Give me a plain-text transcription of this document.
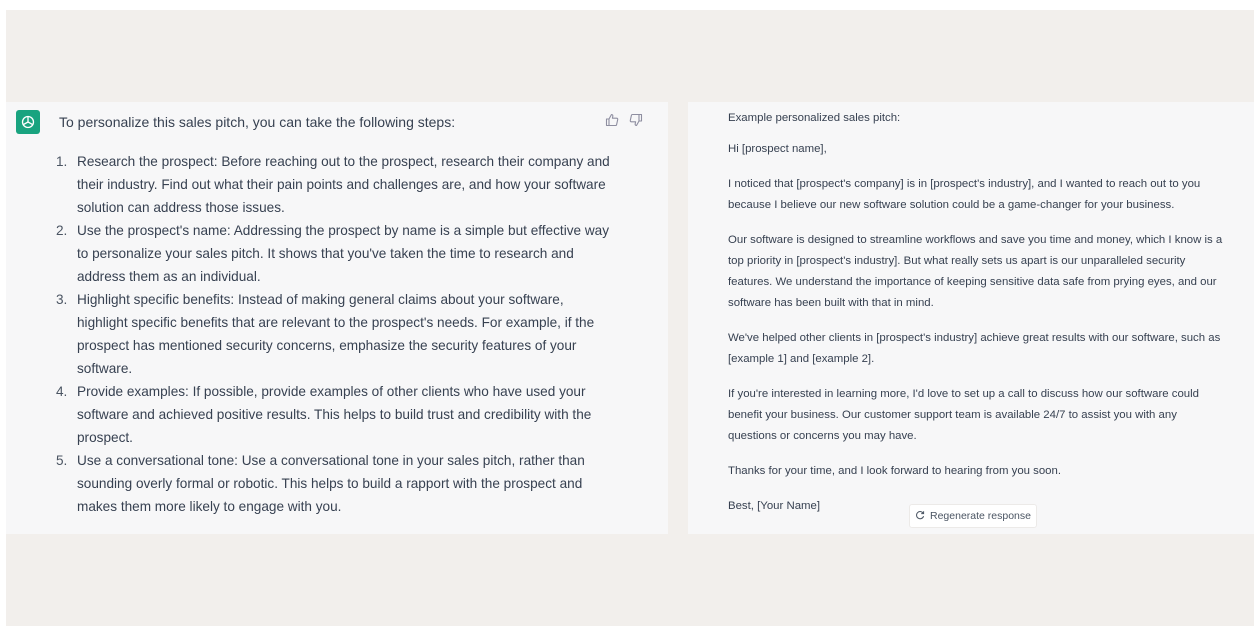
To personalize this sales pitch, you can take the following steps:
1. Research the prospect: Before reaching out to the prospect, research their company and their industry. Find out what their pain points and challenges are, and how your software solution can address those issues.
2. Use the prospect's name: Addressing the prospect by name is a simple but effective way to personalize your sales pitch. It shows that you've taken the time to research and address them as an individual.
3. Highlight specific benefits: Instead of making general claims about your software, highlight specific benefits that are relevant to the prospect's needs. For example, if the prospect has mentioned security concerns, emphasize the security features of your software.
4. Provide examples: If possible, provide examples of other clients who have used your software and achieved positive results. This helps to build trust and credibility with the prospect.
5. Use a conversational tone: Use a conversational tone in your sales pitch, rather than sounding overly formal or robotic. This helps to build a rapport with the prospect and makes them more likely to engage with you.

Example personalized sales pitch:

Hi [prospect name],

I noticed that [prospect's company] is in [prospect's industry], and I wanted to reach out to you because I believe our new software solution could be a game-changer for your business.

Our software is designed to streamline workflows and save you time and money, which I know is a top priority in [prospect's industry]. But what really sets us apart is our unparalleled security features. We understand the importance of keeping sensitive data safe from prying eyes, and our software has been built with that in mind.

We've helped other clients in [prospect's industry] achieve great results with our software, such as [example 1] and [example 2].

If you're interested in learning more, I'd love to set up a call to discuss how our software could benefit your business. Our customer support team is available 24/7 to assist you with any questions or concerns you may have.

Thanks for your time, and I look forward to hearing from you soon.

Best, [Your Name]

Regenerate response
